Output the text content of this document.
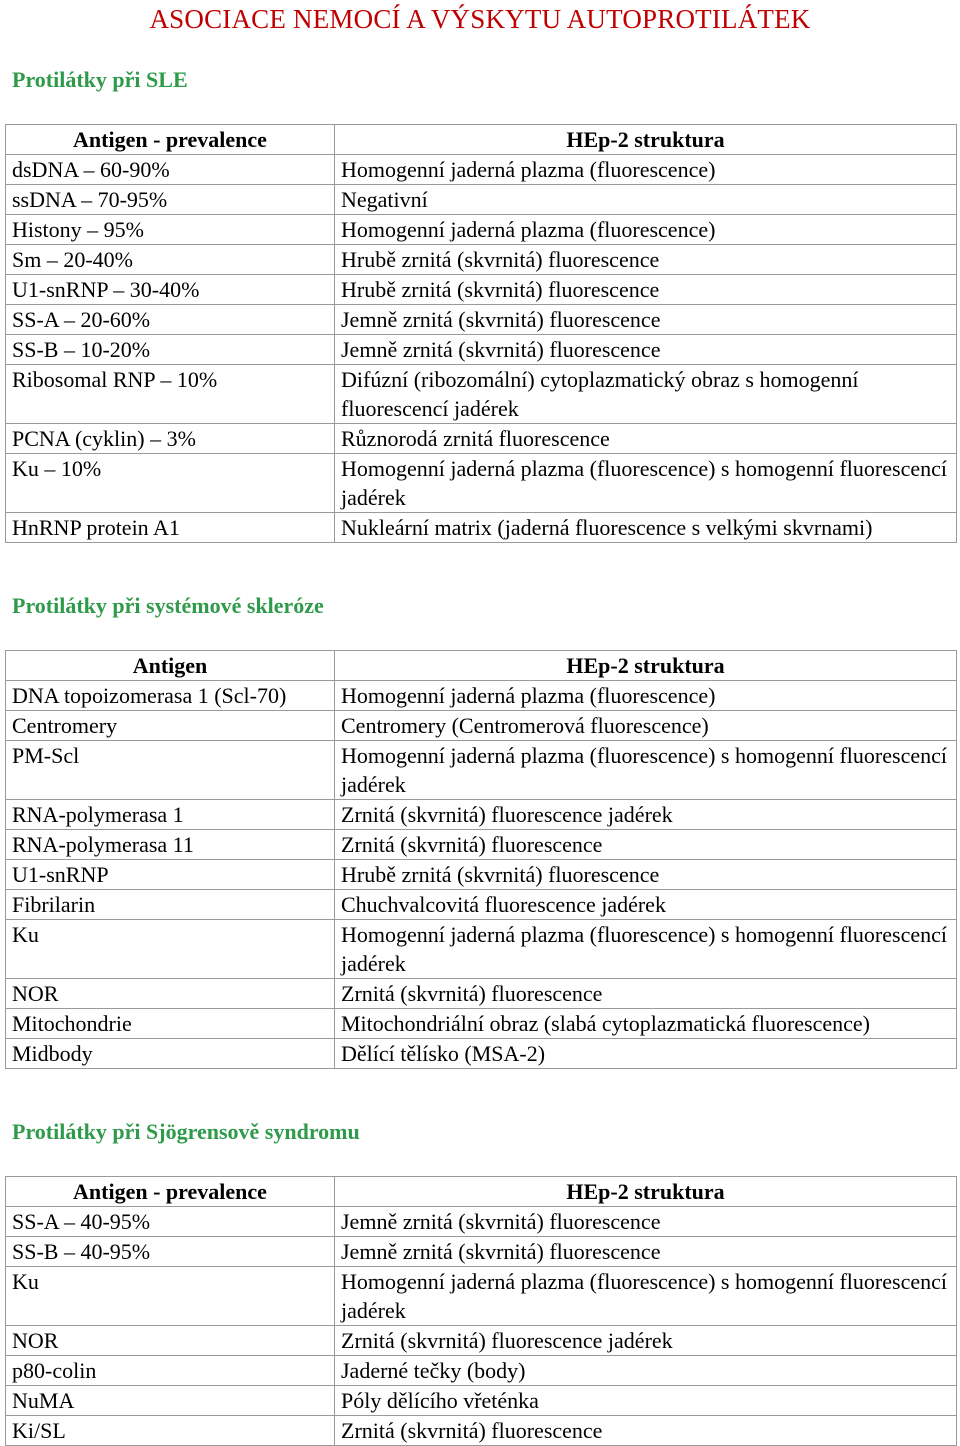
ASOCIACE NEMOCÍ A VÝSKYTU AUTOPROTILÁTEK
Protilátky při SLE
Antigen - prevalence	HEp-2 struktura
dsDNA – 60-90%	Homogenní jaderná plazma (fluorescence)
ssDNA – 70-95%	Negativní
Histony – 95%	Homogenní jaderná plazma (fluorescence)
Sm – 20-40%	Hrubě zrnitá (skvrnitá) fluorescence
U1-snRNP – 30-40%	Hrubě zrnitá (skvrnitá) fluorescence
SS-A – 20-60%	Jemně zrnitá (skvrnitá) fluorescence
SS-B – 10-20%	Jemně zrnitá (skvrnitá) fluorescence
Ribosomal RNP – 10%	Difúzní (ribozomální) cytoplazmatický obraz s homogenní fluorescencí jadérek
PCNA (cyklin) – 3%	Různorodá zrnitá fluorescence
Ku – 10%	Homogenní jaderná plazma (fluorescence) s homogenní fluorescencí jadérek
HnRNP protein A1	Nukleární matrix (jaderná fluorescence s velkými skvrnami)
Protilátky při systémové skleróze
Antigen	HEp-2 struktura
DNA topoizomerasa 1 (Scl-70)	Homogenní jaderná plazma (fluorescence)
Centromery	Centromery (Centromerová fluorescence)
PM-Scl	Homogenní jaderná plazma (fluorescence) s homogenní fluorescencí jadérek
RNA-polymerasa 1	Zrnitá (skvrnitá) fluorescence jadérek
RNA-polymerasa 11	Zrnitá (skvrnitá) fluorescence
U1-snRNP	Hrubě zrnitá (skvrnitá) fluorescence
Fibrilarin	Chuchvalcovitá fluorescence jadérek
Ku	Homogenní jaderná plazma (fluorescence) s homogenní fluorescencí jadérek
NOR	Zrnitá (skvrnitá) fluorescence
Mitochondrie	Mitochondriální obraz (slabá cytoplazmatická fluorescence)
Midbody	Dělící tělísko (MSA-2)
Protilátky při Sjögrensově syndromu
Antigen - prevalence	HEp-2 struktura
SS-A – 40-95%	Jemně zrnitá (skvrnitá) fluorescence
SS-B – 40-95%	Jemně zrnitá (skvrnitá) fluorescence
Ku	Homogenní jaderná plazma (fluorescence) s homogenní fluorescencí jadérek
NOR	Zrnitá (skvrnitá) fluorescence jadérek
p80-colin	Jaderné tečky (body)
NuMA	Póly dělícího vřeténka
Ki/SL	Zrnitá (skvrnitá) fluorescence
